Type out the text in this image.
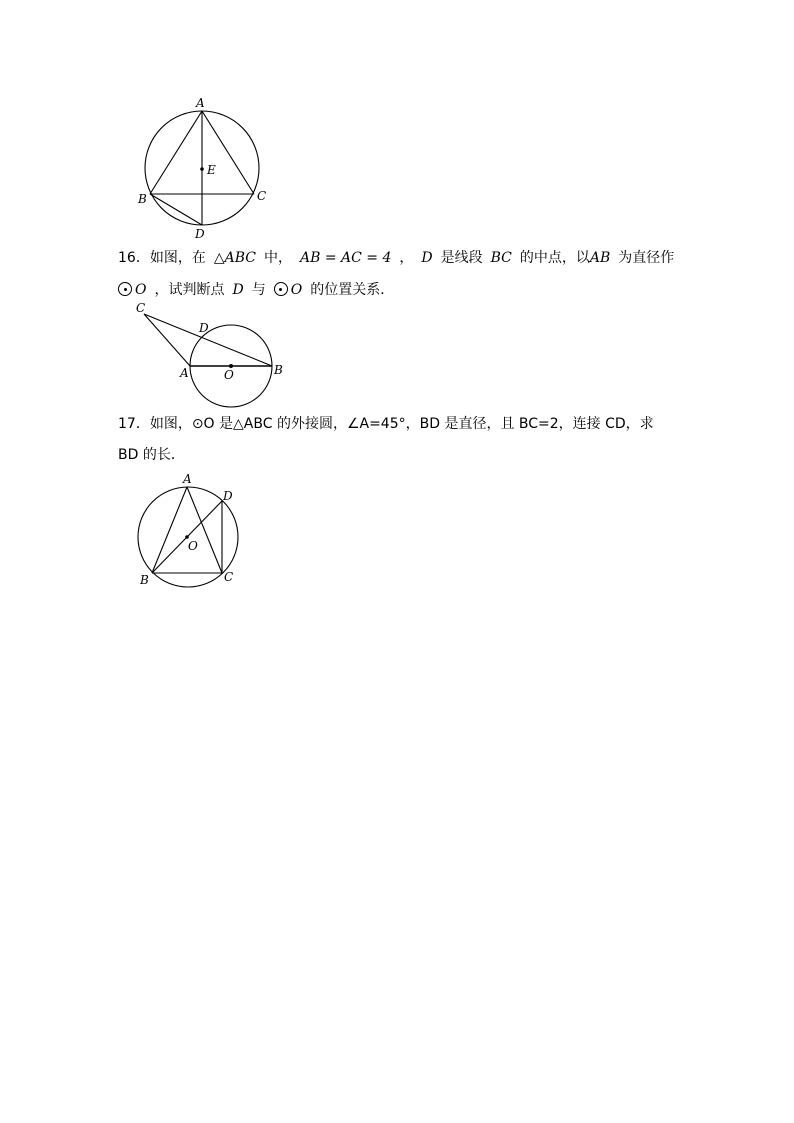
A
E
B	C
D
16．如图，在 △ABC 中， AB = AC = 4 ， D 是线段 BC 的中点，以AB 为直径作
O ，试判断点 D 与 O 的位置关系．
C
D
A	O	B
17．如图，⊙O 是△ABC 的外接圆，∠A=45°，BD 是直径，且 BC=2，连接 CD，求
BD 的长．
A
D
O
B	C
